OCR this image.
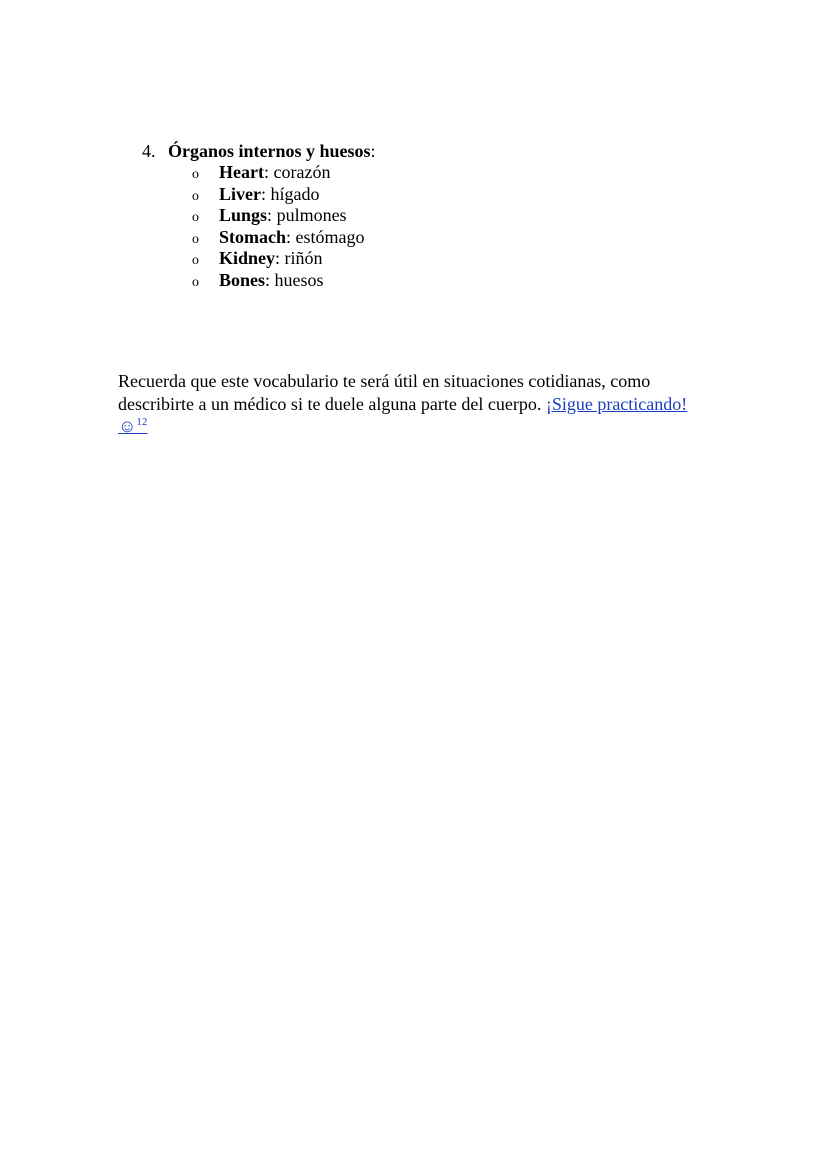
4. Órganos internos y huesos:
o	Heart: corazón
o	Liver: hígado
o	Lungs: pulmones
o	Stomach: estómago
o	Kidney: riñón
o	Bones: huesos

Recuerda que este vocabulario te será útil en situaciones cotidianas, como describirte a un médico si te duele alguna parte del cuerpo. ¡Sigue practicando! ☺$^{12}$
